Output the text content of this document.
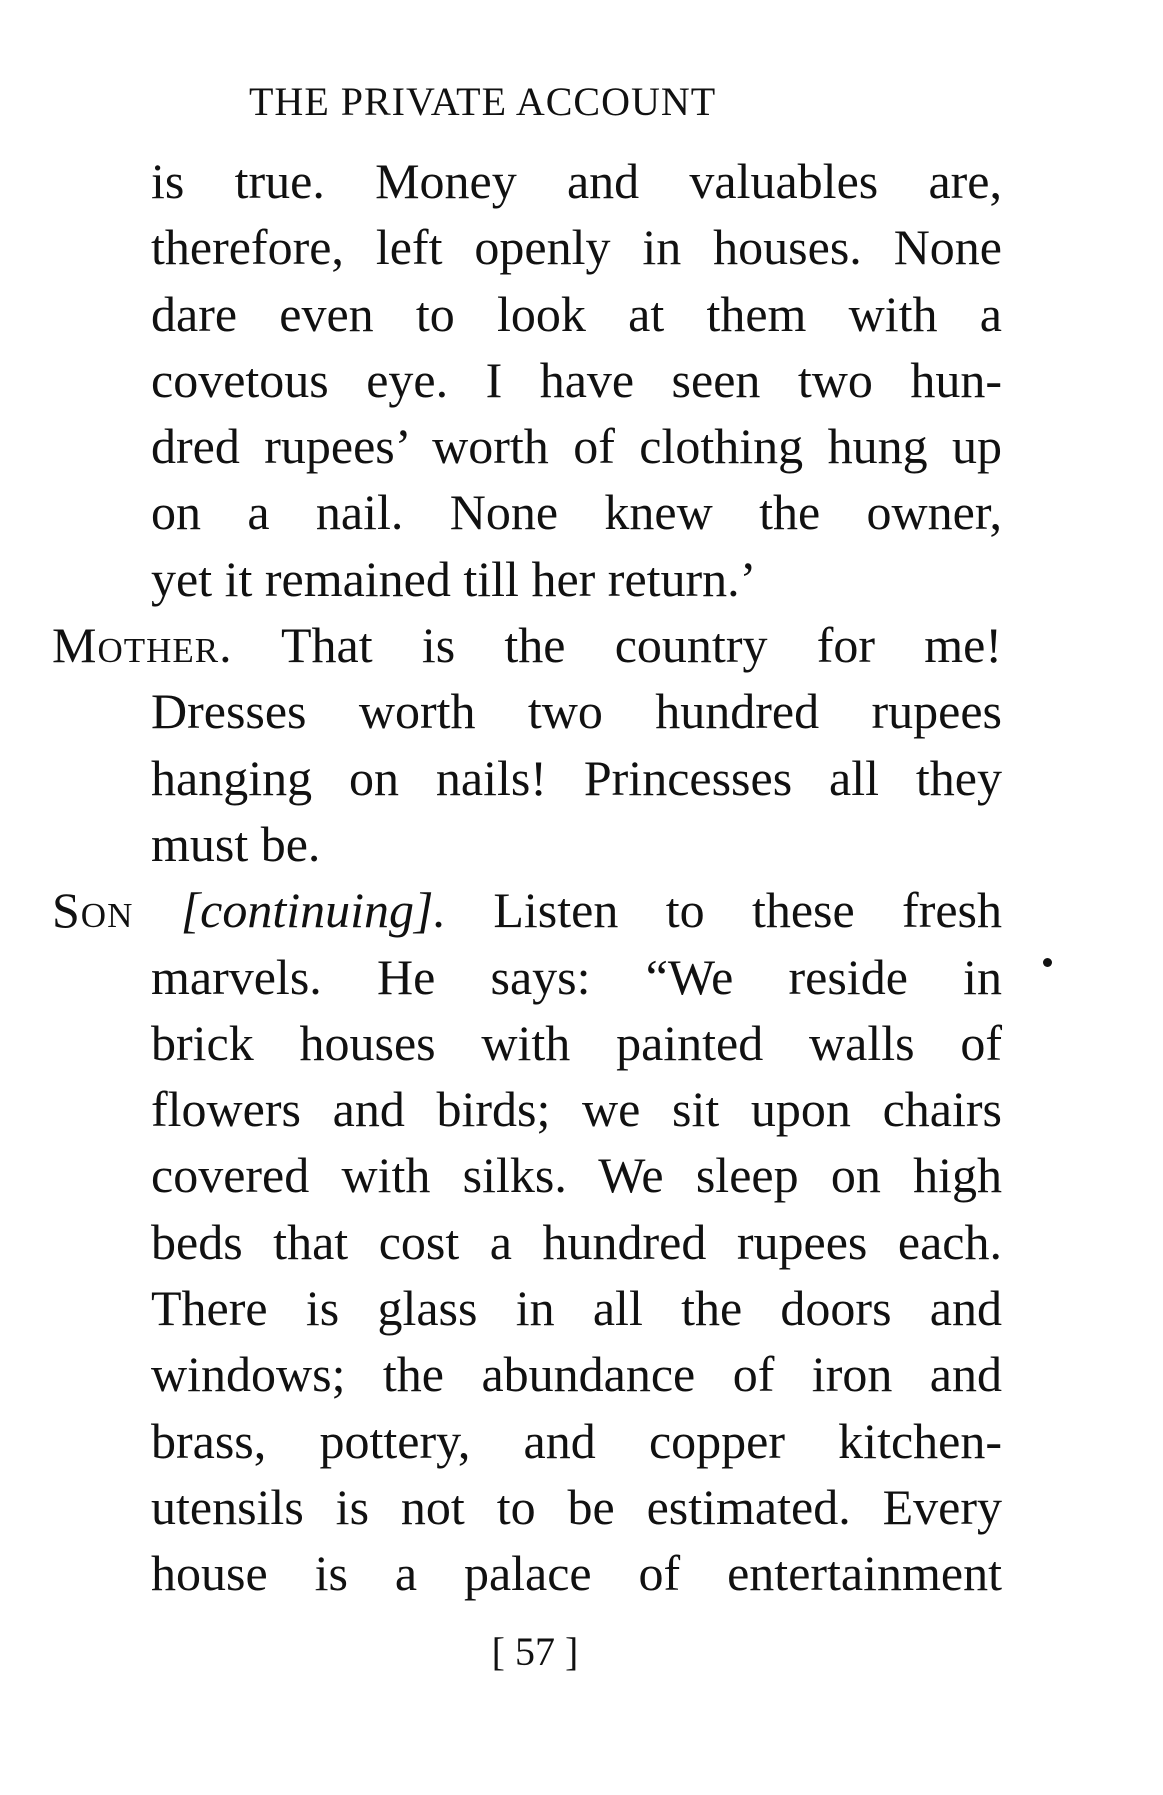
THE PRIVATE ACCOUNT
is true. Money and valuables are,
therefore, left openly in houses. None
dare even to look at them with a
covetous eye. I have seen two hun-
dred rupees’ worth of clothing hung up
on a nail. None knew the owner,
yet it remained till her return.’
Mother. That is the country for me!
Dresses worth two hundred rupees
hanging on nails! Princesses all they
must be.
Son [continuing]. Listen to these fresh
marvels. He says: “We reside in
brick houses with painted walls of
flowers and birds; we sit upon chairs
covered with silks. We sleep on high
beds that cost a hundred rupees each.
There is glass in all the doors and
windows; the abundance of iron and
brass, pottery, and copper kitchen-
utensils is not to be estimated. Every
house is a palace of entertainment
[ 57 ]
